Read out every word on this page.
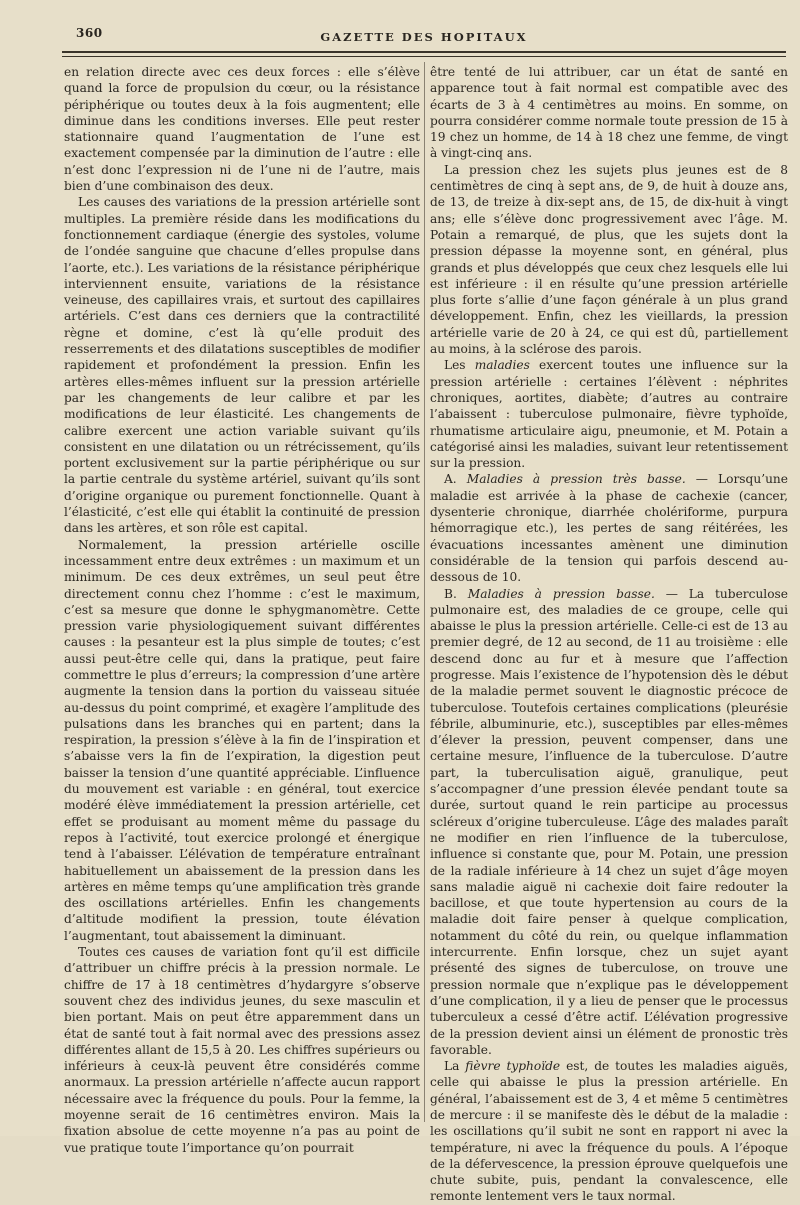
360	GAZETTE DES HOPITAUX

en relation directe avec ces deux forces : elle s’élève quand la force de propulsion du cœur, ou la résistance périphérique ou toutes deux à la fois augmentent; elle diminue dans les conditions inverses. Elle peut rester stationnaire quand l’augmentation de l’une est exactement compensée par la diminution de l’autre : elle n’est donc l’expression ni de l’une ni de l’autre, mais bien d’une combinaison des deux.

Les causes des variations de la pression artérielle sont multiples. La première réside dans les modifications du fonctionnement cardiaque (énergie des systoles, volume de l’ondée sanguine que chacune d’elles propulse dans l’aorte, etc.). Les variations de la résistance périphérique interviennent ensuite, variations de la résistance veineuse, des capillaires vrais, et surtout des capillaires artériels. C’est dans ces derniers que la contractilité règne et domine, c’est là qu’elle produit des resserrements et des dilatations susceptibles de modifier rapidement et profondément la pression. Enfin les artères elles-mêmes influent sur la pression artérielle par les changements de leur calibre et par les modifications de leur élasticité. Les changements de calibre exercent une action variable suivant qu’ils consistent en une dilatation ou un rétrécissement, qu’ils portent exclusivement sur la partie périphérique ou sur la partie centrale du système artériel, suivant qu’ils sont d’origine organique ou purement fonctionnelle. Quant à l’élasticité, c’est elle qui établit la continuité de pression dans les artères, et son rôle est capital.

Normalement, la pression artérielle oscille incessamment entre deux extrêmes : un maximum et un minimum. De ces deux extrêmes, un seul peut être directement connu chez l’homme : c’est le maximum, c’est sa mesure que donne le sphygmanomètre. Cette pression varie physiologiquement suivant différentes causes : la pesanteur est la plus simple de toutes; c’est aussi peut-être celle qui, dans la pratique, peut faire commettre le plus d’erreurs; la compression d’une artère augmente la tension dans la portion du vaisseau située au-dessus du point comprimé, et exagère l’amplitude des pulsations dans les branches qui en partent; dans la respiration, la pression s’élève à la fin de l’inspiration et s’abaisse vers la fin de l’expiration, la digestion peut baisser la tension d’une quantité appréciable. L’influence du mouvement est variable : en général, tout exercice modéré élève immédiatement la pression artérielle, cet effet se produisant au moment même du passage du repos à l’activité, tout exercice prolongé et énergique tend à l’abaisser. L’élévation de température entraînant habituellement un abaissement de la pression dans les artères en même temps qu’une amplification très grande des oscillations artérielles. Enfin les changements d’altitude modifient la pression, toute élévation l’augmentant, tout abaissement la diminuant.

Toutes ces causes de variation font qu’il est difficile d’attribuer un chiffre précis à la pression normale. Le chiffre de 17 à 18 centimètres d’hydargyre s’observe souvent chez des individus jeunes, du sexe masculin et bien portant. Mais on peut être apparemment dans un état de santé tout à fait normal avec des pressions assez différentes allant de 15,5 à 20. Les chiffres supérieurs ou inférieurs à ceux-là peuvent être considérés comme anormaux. La pression artérielle n’affecte aucun rapport nécessaire avec la fréquence du pouls. Pour la femme, la moyenne serait de 16 centimètres environ. Mais la fixation absolue de cette moyenne n’a pas au point de vue pratique toute l’importance qu’on pourrait

être tenté de lui attribuer, car un état de santé en apparence tout à fait normal est compatible avec des écarts de 3 à 4 centimètres au moins. En somme, on pourra considérer comme normale toute pression de 15 à 19 chez un homme, de 14 à 18 chez une femme, de vingt à vingt-cinq ans.

La pression chez les sujets plus jeunes est de 8 centimètres de cinq à sept ans, de 9, de huit à douze ans, de 13, de treize à dix-sept ans, de 15, de dix-huit à vingt ans; elle s’élève donc progressivement avec l’âge. M. Potain a remarqué, de plus, que les sujets dont la pression dépasse la moyenne sont, en général, plus grands et plus développés que ceux chez lesquels elle lui est inférieure : il en résulte qu’une pression artérielle plus forte s’allie d’une façon générale à un plus grand développement. Enfin, chez les vieillards, la pression artérielle varie de 20 à 24, ce qui est dû, partiellement au moins, à la sclérose des parois.

Les maladies exercent toutes une influence sur la pression artérielle : certaines l’élèvent : néphrites chroniques, aortites, diabète; d’autres au contraire l’abaissent : tuberculose pulmonaire, fièvre typhoïde, rhumatisme articulaire aigu, pneumonie, et M. Potain a catégorisé ainsi les maladies, suivant leur retentissement sur la pression.

A. Maladies à pression très basse. — Lorsqu’une maladie est arrivée à la phase de cachexie (cancer, dysenterie chronique, diarrhée cholériforme, purpura hémorragique etc.), les pertes de sang réitérées, les évacuations incessantes amènent une diminution considérable de la tension qui parfois descend au-dessous de 10.

B. Maladies à pression basse. — La tuberculose pulmonaire est, des maladies de ce groupe, celle qui abaisse le plus la pression artérielle. Celle-ci est de 13 au premier degré, de 12 au second, de 11 au troisième : elle descend donc au fur et à mesure que l’affection progresse. Mais l’existence de l’hypotension dès le début de la maladie permet souvent le diagnostic précoce de tuberculose. Toutefois certaines complications (pleurésie fébrile, albuminurie, etc.), susceptibles par elles-mêmes d’élever la pression, peuvent compenser, dans une certaine mesure, l’influence de la tuberculose. D’autre part, la tuberculisation aiguë, granulique, peut s’accompagner d’une pression élevée pendant toute sa durée, surtout quand le rein participe au processus scléreux d’origine tuberculeuse. L’âge des malades paraît ne modifier en rien l’influence de la tuberculose, influence si constante que, pour M. Potain, une pression de la radiale inférieure à 14 chez un sujet d’âge moyen sans maladie aiguë ni cachexie doit faire redouter la bacillose, et que toute hypertension au cours de la maladie doit faire penser à quelque complication, notamment du côté du rein, ou quelque inflammation intercurrente. Enfin lorsque, chez un sujet ayant présenté des signes de tuberculose, on trouve une pression normale que n’explique pas le développement d’une complication, il y a lieu de penser que le processus tuberculeux a cessé d’être actif. L’élévation progressive de la pression devient ainsi un élément de pronostic très favorable.

La fièvre typhoïde est, de toutes les maladies aiguës, celle qui abaisse le plus la pression artérielle. En général, l’abaissement est de 3, 4 et même 5 centimètres de mercure : il se manifeste dès le début de la maladie : les oscillations qu’il subit ne sont en rapport ni avec la température, ni avec la fréquence du pouls. A l’époque de la défervescence, la pression éprouve quelquefois une chute subite, puis, pendant la convalescence, elle remonte lentement vers le taux normal.
